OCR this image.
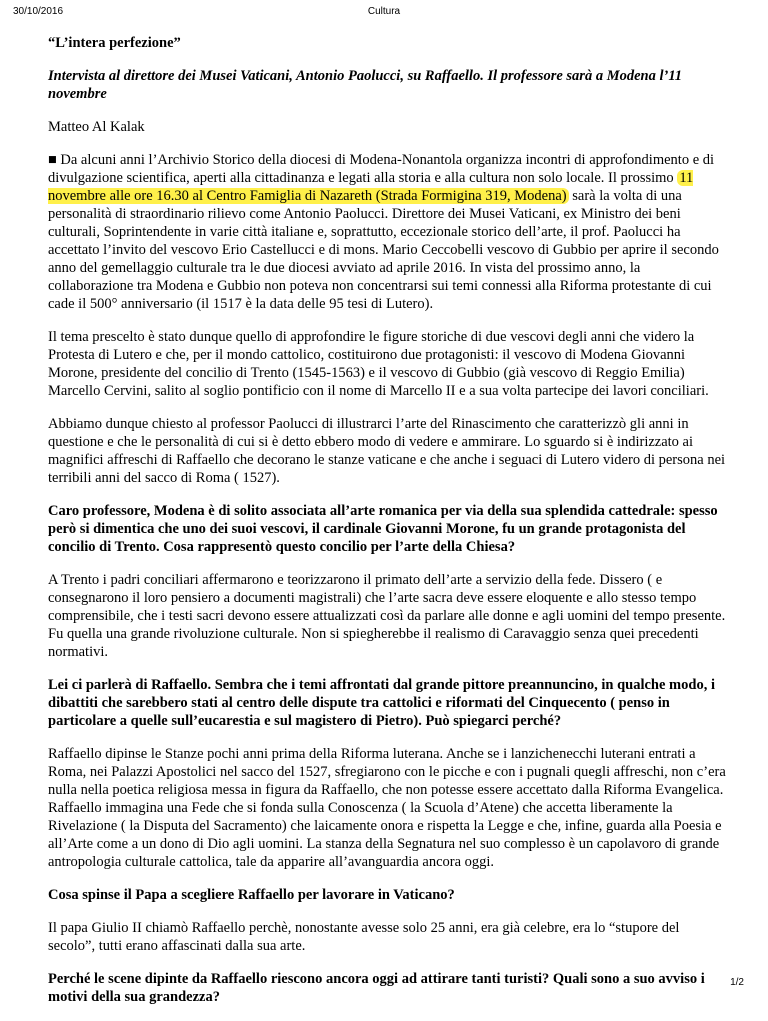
30/10/2016	Cultura

“L’intera perfezione”

Intervista al direttore dei Musei Vaticani, Antonio Paolucci, su Raffaello. Il professore sarà a Modena l’11 novembre

Matteo Al Kalak

■ Da alcuni anni l’Archivio Storico della diocesi di Modena-Nonantola organizza incontri di approfondimento e di divulgazione scientifica, aperti alla cittadinanza e legati alla storia e alla cultura non solo locale. Il prossimo 11 novembre alle ore 16.30 al Centro Famiglia di Nazareth (Strada Formigina 319, Modena) sarà la volta di una personalità di straordinario rilievo come Antonio Paolucci. Direttore dei Musei Vaticani, ex Ministro dei beni culturali, Soprintendente in varie città italiane e, soprattutto, eccezionale storico dell’arte, il prof. Paolucci ha accettato l’invito del vescovo Erio Castellucci e di mons. Mario Ceccobelli vescovo di Gubbio per aprire il secondo anno del gemellaggio culturale tra le due diocesi avviato ad aprile 2016. In vista del prossimo anno, la collaborazione tra Modena e Gubbio non poteva non concentrarsi sui temi connessi alla Riforma protestante di cui cade il 500° anniversario (il 1517 è la data delle 95 tesi di Lutero).

Il tema prescelto è stato dunque quello di approfondire le figure storiche di due vescovi degli anni che videro la Protesta di Lutero e che, per il mondo cattolico, costituirono due protagonisti: il vescovo di Modena Giovanni Morone, presidente del concilio di Trento (1545-1563) e il vescovo di Gubbio (già vescovo di Reggio Emilia) Marcello Cervini, salito al soglio pontificio con il nome di Marcello II e a sua volta partecipe dei lavori conciliari.

Abbiamo dunque chiesto al professor Paolucci di illustrarci l’arte del Rinascimento che caratterizzò gli anni in questione e che le personalità di cui si è detto ebbero modo di vedere e ammirare. Lo sguardo si è indirizzato ai magnifici affreschi di Raffaello che decorano le stanze vaticane e che anche i seguaci di Lutero videro di persona nei terribili anni del sacco di Roma ( 1527).

Caro professore, Modena è di solito associata all’arte romanica per via della sua splendida cattedrale: spesso però si dimentica che uno dei suoi vescovi, il cardinale Giovanni Morone, fu un grande protagonista del concilio di Trento. Cosa rappresentò questo concilio per l’arte della Chiesa?

A Trento i padri conciliari affermarono e teorizzarono il primato dell’arte a servizio della fede. Dissero ( e consegnarono il loro pensiero a documenti magistrali) che l’arte sacra deve essere eloquente e allo stesso tempo comprensibile, che i testi sacri devono essere attualizzati così da parlare alle donne e agli uomini del tempo presente. Fu quella una grande rivoluzione culturale. Non si spiegherebbe il realismo di Caravaggio senza quei precedenti normativi.

Lei ci parlerà di Raffaello. Sembra che i temi affrontati dal grande pittore preannuncino, in qualche modo, i dibattiti che sarebbero stati al centro delle dispute tra cattolici e riformati del Cinquecento ( penso in particolare a quelle sull’eucarestia e sul magistero di Pietro). Può spiegarci perché?

Raffaello dipinse le Stanze pochi anni prima della Riforma luterana. Anche se i lanzichenecchi luterani entrati a Roma, nei Palazzi Apostolici nel sacco del 1527, sfregiarono con le picche e con i pugnali quegli affreschi, non c’era nulla nella poetica religiosa messa in figura da Raffaello, che non potesse essere accettato dalla Riforma Evangelica. Raffaello immagina una Fede che si fonda sulla Conoscenza ( la Scuola d’Atene) che accetta liberamente la Rivelazione ( la Disputa del Sacramento) che laicamente onora e rispetta la Legge e che, infine, guarda alla Poesia e all’Arte come a un dono di Dio agli uomini. La stanza della Segnatura nel suo complesso è un capolavoro di grande antropologia culturale cattolica, tale da apparire all’avanguardia ancora oggi.

Cosa spinse il Papa a scegliere Raffaello per lavorare in Vaticano?

Il papa Giulio II chiamò Raffaello perchè, nonostante avesse solo 25 anni, era già celebre, era lo “stupore del secolo”, tutti erano affascinati dalla sua arte.

Perché le scene dipinte da Raffaello riescono ancora oggi ad attirare tanti turisti? Quali sono a suo avviso i motivi della sua grandezza?

1/2
